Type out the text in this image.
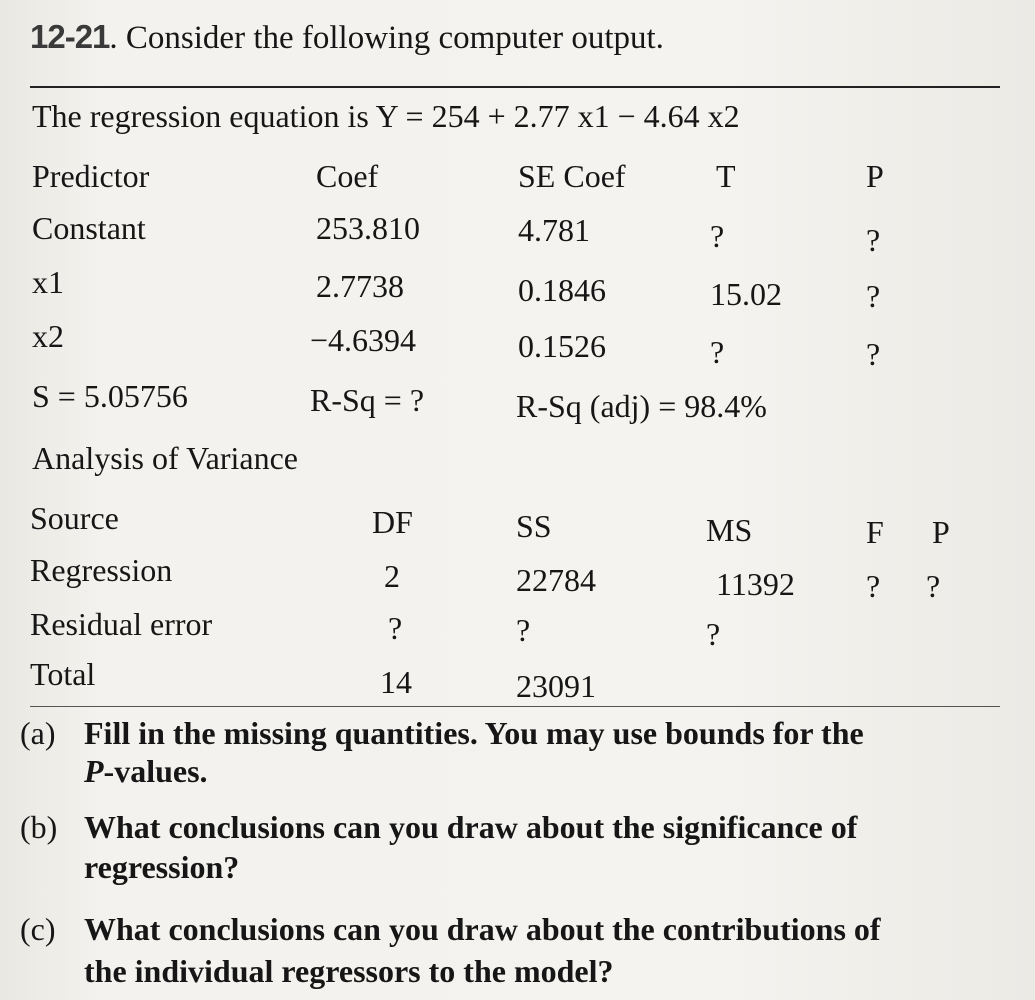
12-21. Consider the following computer output.
The regression equation is Y = 254 + 2.77 x1 − 4.64 x2
Predictor	Coef	SE Coef	T	P
Constant	253.810	4.781	?	?
x1	2.7738	0.1846	15.02	?
x2	−4.6394	0.1526	?	?
S = 5.05756	R-Sq = ?	R-Sq (adj) = 98.4%
Analysis of Variance
Source	DF	SS	MS	F P
Regression	2	22784	11392 ? ?
Residual error	?	?	?
Total	14	23091
(a) Fill in the missing quantities. You may use bounds for the
P-values.
(b) What conclusions can you draw about the significance of
regression?
(c) What conclusions can you draw about the contributions of
the individual regressors to the model?
